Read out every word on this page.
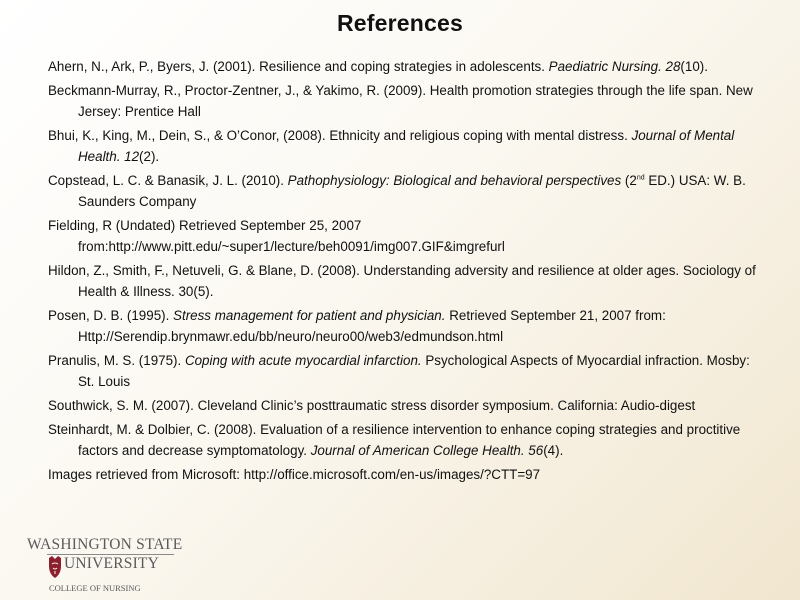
References

Ahern, N., Ark, P., Byers, J. (2001). Resilience and coping strategies in adolescents. Paediatric Nursing. 28(10).

Beckmann-Murray, R., Proctor-Zentner, J., & Yakimo, R. (2009). Health promotion strategies through the life span. New Jersey: Prentice Hall

Bhui, K., King, M., Dein, S., & O’Conor, (2008). Ethnicity and religious coping with mental distress. Journal of Mental Health. 12(2).

Copstead, L. C. & Banasik, J. L. (2010). Pathophysiology: Biological and behavioral perspectives (2nd ED.) USA: W. B. Saunders Company

Fielding, R (Undated) Retrieved September 25, 2007 from:http://www.pitt.edu/~super1/lecture/beh0091/img007.GIF&imgrefurl

Hildon, Z., Smith, F., Netuveli, G. & Blane, D. (2008). Understanding adversity and resilience at older ages. Sociology of Health & Illness. 30(5).

Posen, D. B. (1995). Stress management for patient and physician. Retrieved September 21, 2007 from: Http://Serendip.brynmawr.edu/bb/neuro/neuro00/web3/edmundson.html

Pranulis, M. S. (1975). Coping with acute myocardial infarction. Psychological Aspects of Myocardial infraction. Mosby: St. Louis

Southwick, S. M. (2007). Cleveland Clinic’s posttraumatic stress disorder symposium. California: Audio-digest

Steinhardt, M. & Dolbier, C. (2008). Evaluation of a resilience intervention to enhance coping strategies and proctitive factors and decrease symptomatology. Journal of American College Health. 56(4).

Images retrieved from Microsoft: http://office.microsoft.com/en-us/images/?CTT=97

WASHINGTON STATE
UNIVERSITY
COLLEGE OF NURSING
